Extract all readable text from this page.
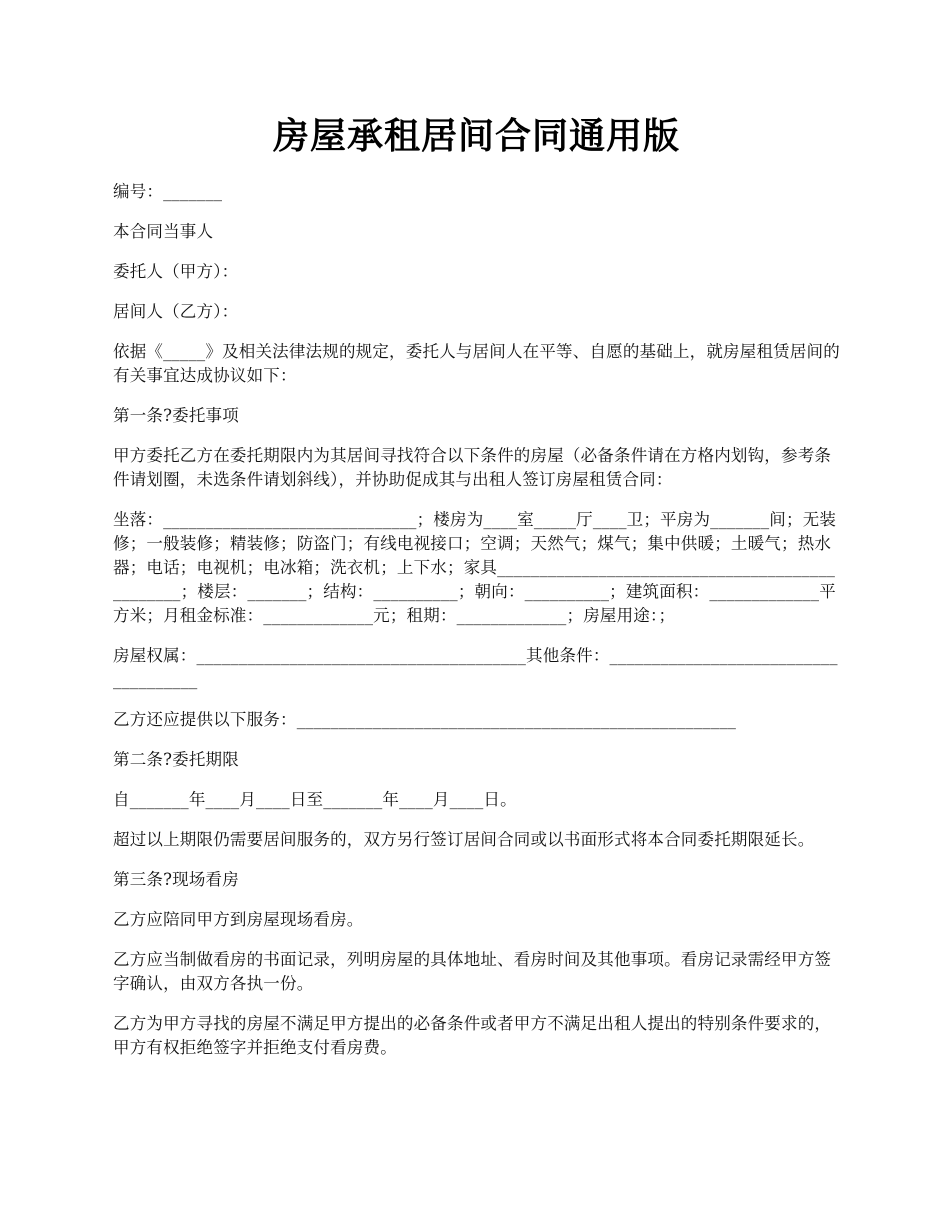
房屋承租居间合同通用版

编号：_______

本合同当事人

委托人（甲方）：

居间人（乙方）：

依据《_____》及相关法律法规的规定，委托人与居间人在平等、自愿的基础上，就房屋租赁居间的有关事宜达成协议如下：

第一条?委托事项

甲方委托乙方在委托期限内为其居间寻找符合以下条件的房屋（必备条件请在方格内划钩，参考条件请划圈，未选条件请划斜线），并协助促成其与出租人签订房屋租赁合同：

坐落：______________________________；楼房为____室_____厅____卫；平房为_______间；无装修；一般装修；精装修；防盗门；有线电视接口；空调；天然气；煤气；集中供暖；土暖气；热水器；电话；电视机；电冰箱；洗衣机；上下水；家具________________________________________________；楼层：_______；结构：__________；朝向：__________；建筑面积：_____________平方米；月租金标准：_____________元；租期：_____________；房屋用途：；

房屋权属：_______________________________________其他条件：_____________________________________

乙方还应提供以下服务：____________________________________________________

第二条?委托期限

自_______年____月____日至_______年____月____日。

超过以上期限仍需要居间服务的，双方另行签订居间合同或以书面形式将本合同委托期限延长。

第三条?现场看房

乙方应陪同甲方到房屋现场看房。

乙方应当制做看房的书面记录，列明房屋的具体地址、看房时间及其他事项。看房记录需经甲方签字确认，由双方各执一份。

乙方为甲方寻找的房屋不满足甲方提出的必备条件或者甲方不满足出租人提出的特别条件要求的，甲方有权拒绝签字并拒绝支付看房费。
